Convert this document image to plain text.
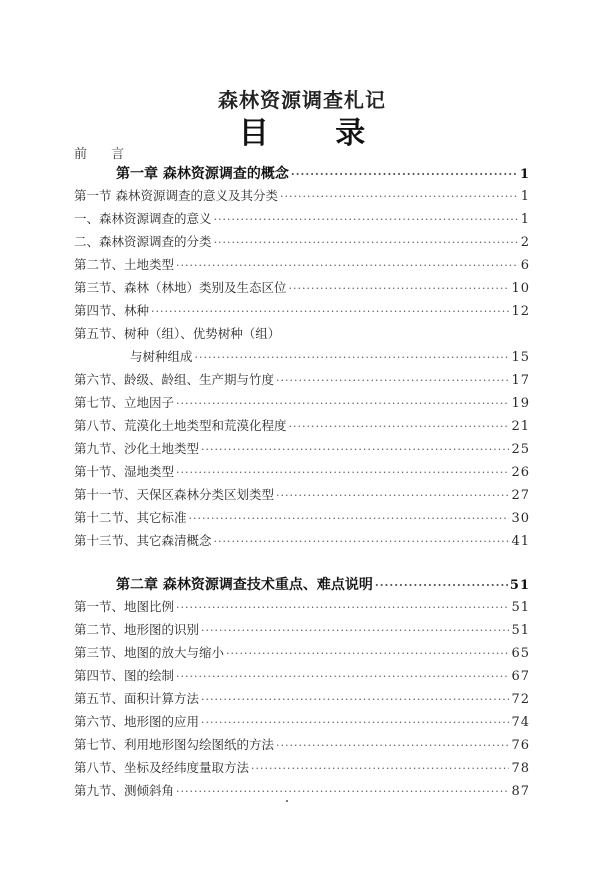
森林资源调查札记
目 录
前 言
第一章 森林资源调查的概念 ·····	1
第一节 森林资源调查的意义及其分类 ·····	1
一、森林资源调查的意义 ·····	1
二、森林资源调查的分类 ·····	2
第二节、土地类型 ·····	6
第三节、森林（林地）类别及生态区位 ·····	10
第四节、林种 ·····	12
第五节、树种（组）、优势树种（组）
与树种组成 ·····	15
第六节、龄级、龄组、生产期与竹度 ·····	17
第七节、立地因子 ·····	19
第八节、荒漠化土地类型和荒漠化程度 ·····	21
第九节、沙化土地类型 ·····	25
第十节、湿地类型 ·····	26
第十一节、天保区森林分类区划类型 ·····	27
第十二节、其它标准 ·····	30
第十三节、其它森清概念 ·····	41
第二章 森林资源调查技术重点、难点说明 ·····	51
第一节、地图比例 ·····	51
第二节、地形图的识别 ·····	51
第三节、地图的放大与缩小 ·····	65
第四节、图的绘制 ·····	67
第五节、面积计算方法 ·····	72
第六节、地形图的应用 ·····	74
第七节、利用地形图勾绘图纸的方法 ·····	76
第八节、坐标及经纬度量取方法 ·····	78
第九节、测倾斜角 ·····	87
